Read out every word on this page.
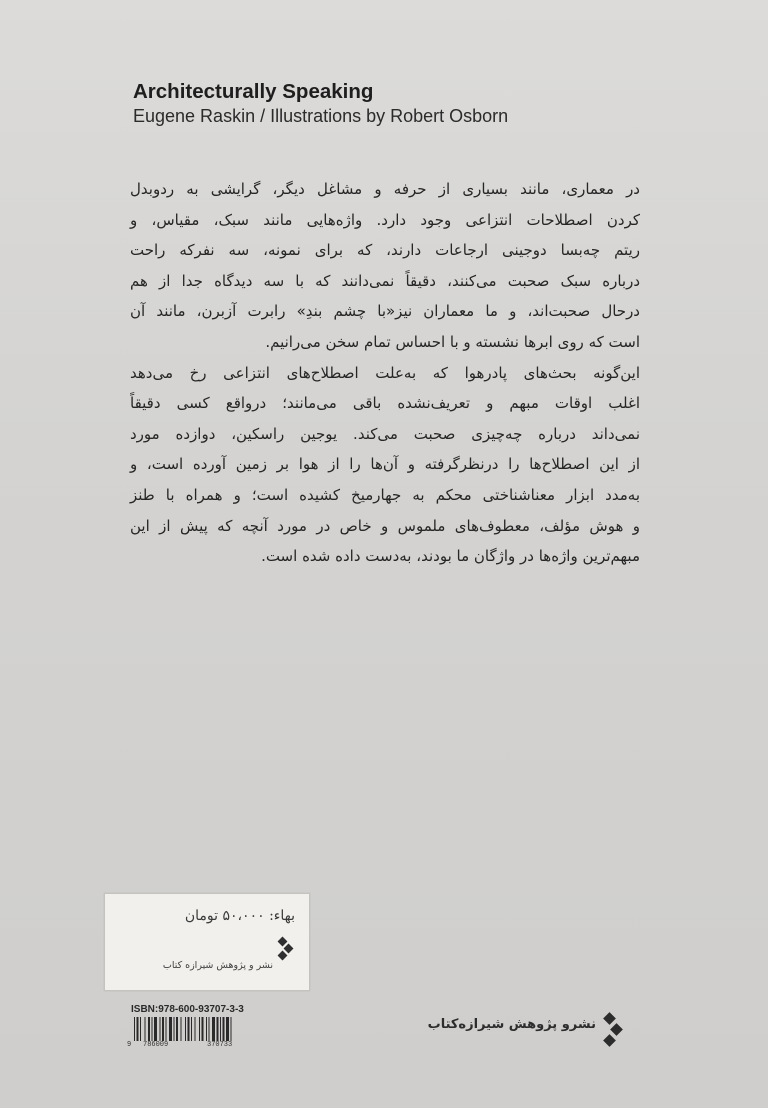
Architecturally Speaking
Eugene Raskin / Illustrations by Robert Osborn

در معماری، مانند بسیاری از حرفه و مشاغل دیگر، گرایشی به ردوبدل

کردن اصطلاحات انتزاعی وجود دارد. واژه‌هایی مانند سبک، مقیاس، و

ریتم چه‌بسا دوجینی ارجاعات دارند، که برای نمونه، سه نفرکه راحت

درباره سبک صحبت می‌کنند، دقیقاً نمی‌دانند که با سه دیدگاه جدا از هم

درحال صحبت‌اند، و ما معماران نیز«با چشم بندِ» رابرت آزبرن، مانند آن

است که روی ابرها نشسته و با احساس تمام سخن می‌رانیم.

این‌گونه بحث‌های پادرهوا که به‌علت اصطلاح‌های انتزاعی رخ می‌دهد

اغلب اوقات مبهم و تعریف‌نشده باقی می‌مانند؛ درواقع کسی دقیقاً

نمی‌داند درباره چه‌چیزی صحبت می‌کند. یوجین راسکین، دوازده مورد

از این اصطلاح‌ها را درنظرگرفته و آن‌ها را از هوا بر زمین آورده است، و

به‌مدد ابزار معناشناختی محکم به جهارمیخ کشیده است؛ و همراه با طنز

و هوش مؤلف، معطوف‌های ملموس و خاص در مورد آنچه که پیش از این

مبهم‌ترین واژه‌ها در واژگان ما بودند، به‌دست داده شده است.

بهاء: ۵۰،۰۰۰ تومان
نشر و پژوهش شیرازه کتاب
ISBN:978-600-93707-3-3
9 786009	370733
نشرو پژوهش شیرازه‌کتاب
